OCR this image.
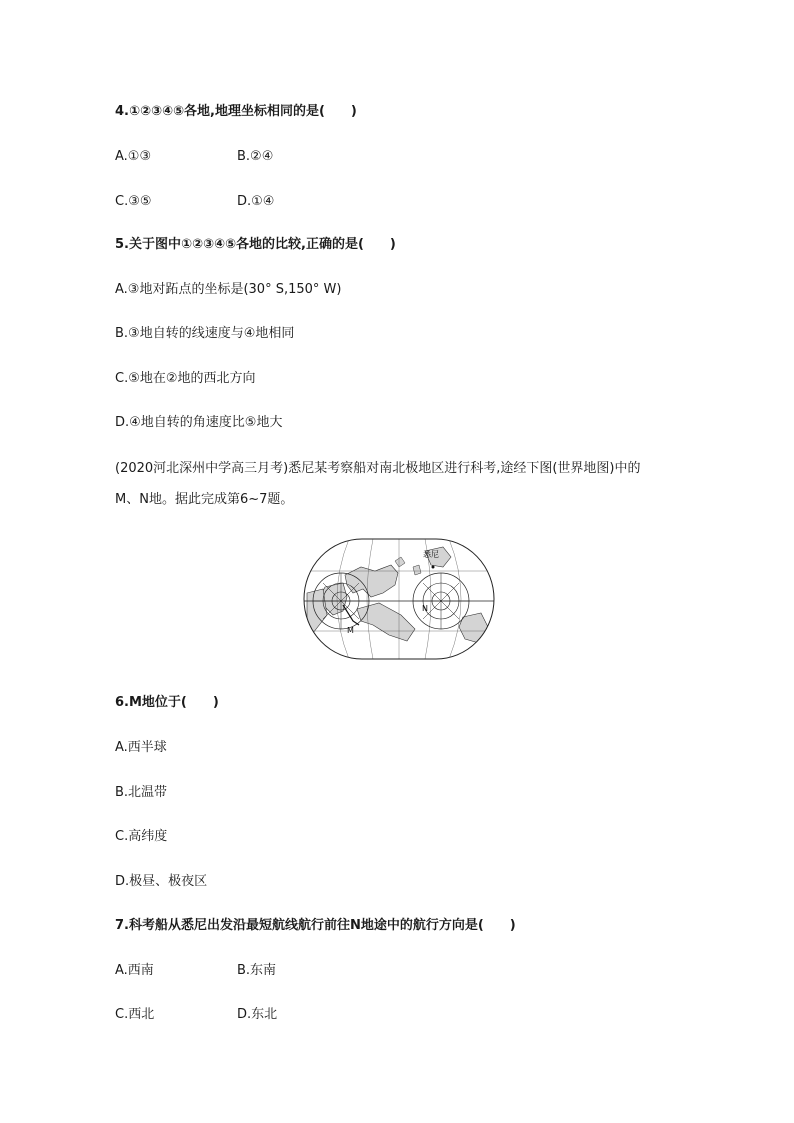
4.①②③④⑤各地,地理坐标相同的是(　　)
A.①③	B.②④
C.③⑤	D.①④
5.关于图中①②③④⑤各地的比较,正确的是(　　)
A.③地对跖点的坐标是(30° S,150° W)
B.③地自转的线速度与④地相同
C.⑤地在②地的西北方向
D.④地自转的角速度比⑤地大
(2020河北深州中学高三月考)悉尼某考察船对南北极地区进行科考,途经下图(世界地图)中的
M、N地。据此完成第6~7题。
悉尼
M
N
6.M地位于(　　)
A.西半球
B.北温带
C.高纬度
D.极昼、极夜区
7.科考船从悉尼出发沿最短航线航行前往N地途中的航行方向是(　　)
A.西南	B.东南
C.西北	D.东北
